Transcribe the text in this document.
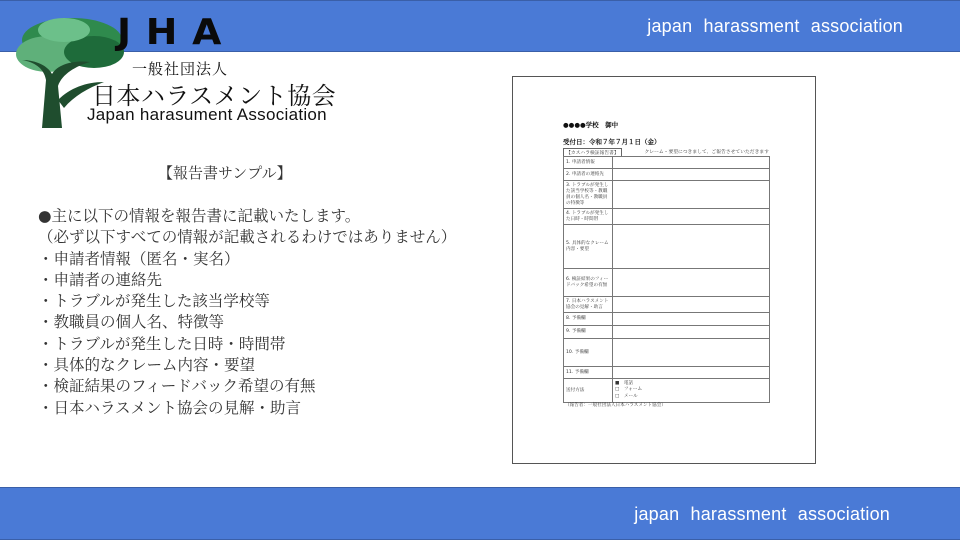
japan harassment association
JHA
一般社団法人
日本ハラスメント協会
Japan harasument Association
【報告書サンプル】
●主に以下の情報を報告書に記載いたします。
（必ず以下すべての情報が記載されるわけではありません）
・申請者情報（匿名・実名）
・申請者の連絡先
・トラブルが発生した該当学校等
・教職員の個人名、特徴等
・トラブルが発生した日時・時間帯
・具体的なクレーム内容・要望
・検証結果のフィードバック希望の有無
・日本ハラスメント協会の見解・助言
●●●●学校　御中
受付日：令和７年７月１日（金）
【カスハラ検証報告書】	クレーム・要望につきまして、ご報告させていただきます
1. 申請者情報	
2. 申請者の連絡先	
3. トラブルが発生した該当学校等・教職員の個人名・教職員の特徴等	
4. トラブルが発生した日時・時間帯	
5. 具体的なクレーム内容・要望	
6. 検証結果のフィードバック希望の有無	
7. 日本ハラスメント協会の見解・助言	
8. 予備欄	
9. 予備欄	
10. 予備欄	
11. 予備欄	
送付方法	■　電話
□　フォーム
□　メール
（報告者：一般社団法人日本ハラスメント協会）
japan harassment association
